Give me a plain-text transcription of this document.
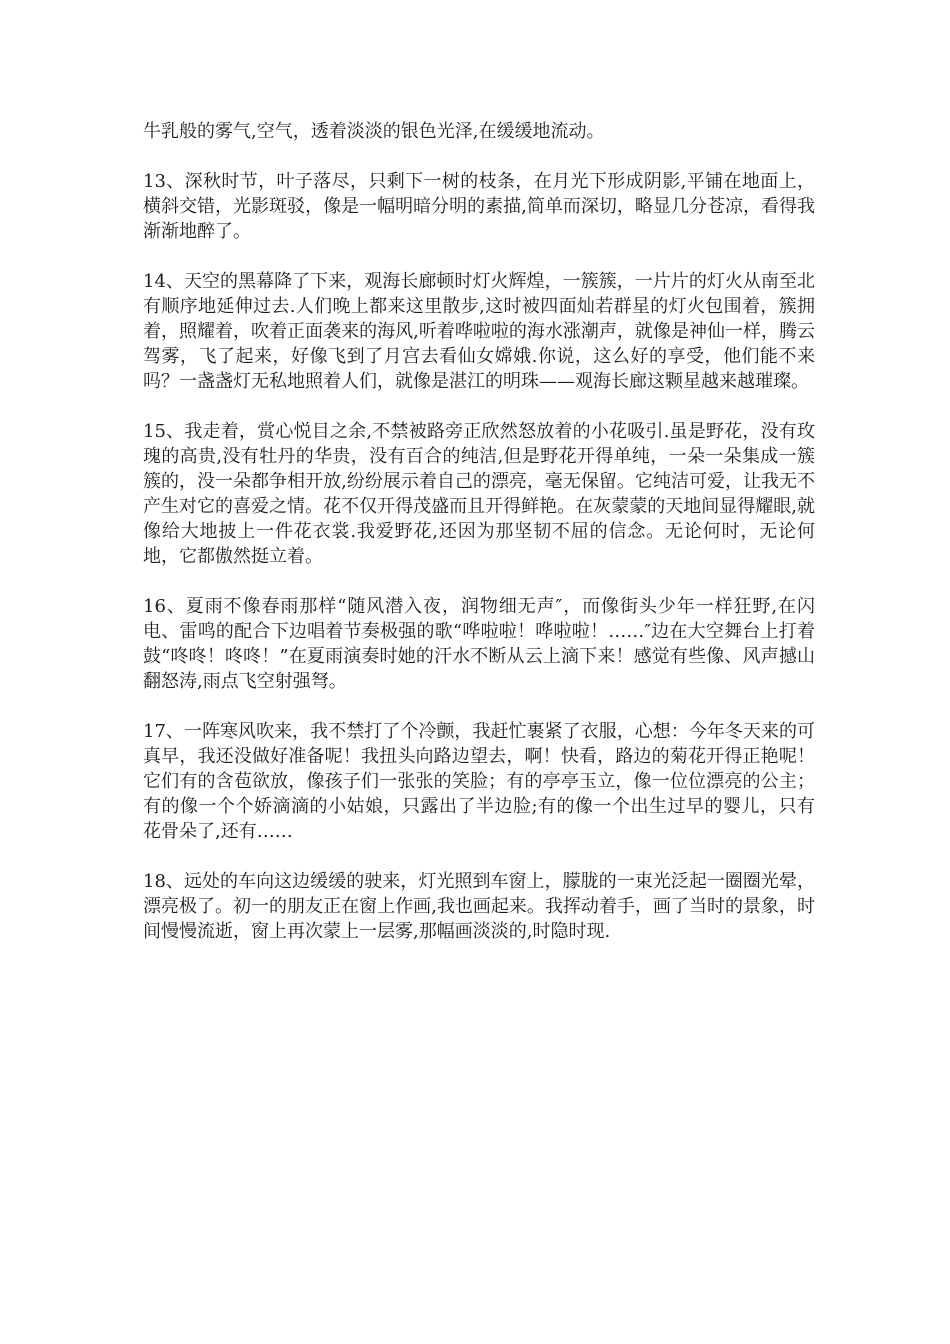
牛乳般的雾气,空气，透着淡淡的银色光泽,在缓缓地流动。

13、深秋时节，叶子落尽，只剩下一树的枝条，在月光下形成阴影,平铺在地面上，横斜交错，光影斑驳，像是一幅明暗分明的素描,简单而深切，略显几分苍凉，看得我渐渐地醉了。

14、天空的黑幕降了下来，观海长廊顿时灯火辉煌，一簇簇，一片片的灯火从南至北有顺序地延伸过去.人们晚上都来这里散步,这时被四面灿若群星的灯火包围着，簇拥着，照耀着，吹着正面袭来的海风,听着哗啦啦的海水涨潮声，就像是神仙一样，腾云驾雾，飞了起来，好像飞到了月宫去看仙女嫦娥.你说，这么好的享受，他们能不来吗？一盏盏灯无私地照着人们，就像是湛江的明珠——观海长廊这颗星越来越璀璨。

15、我走着，赏心悦目之余,不禁被路旁正欣然怒放着的小花吸引.虽是野花，没有玫瑰的高贵,没有牡丹的华贵，没有百合的纯洁,但是野花开得单纯，一朵一朵集成一簇簇的，没一朵都争相开放,纷纷展示着自己的漂亮，毫无保留。它纯洁可爱，让我无不产生对它的喜爱之情。花不仅开得茂盛而且开得鲜艳。在灰蒙蒙的天地间显得耀眼,就像给大地披上一件花衣裳.我爱野花,还因为那坚韧不屈的信念。无论何时，无论何地，它都傲然挺立着。

16、夏雨不像春雨那样“随风潜入夜，润物细无声″，而像街头少年一样狂野,在闪电、雷鸣的配合下边唱着节奏极强的歌“哗啦啦！哗啦啦！……″边在大空舞台上打着鼓“咚咚！咚咚！”在夏雨演奏时她的汗水不断从云上滴下来！感觉有些像、风声撼山翻怒涛,雨点飞空射强弩。

17、一阵寒风吹来，我不禁打了个冷颤，我赶忙裹紧了衣服，心想：今年冬天来的可真早，我还没做好准备呢！我扭头向路边望去，啊！快看，路边的菊花开得正艳呢！它们有的含苞欲放，像孩子们一张张的笑脸；有的亭亭玉立，像一位位漂亮的公主；有的像一个个娇滴滴的小姑娘，只露出了半边脸;有的像一个出生过早的婴儿，只有花骨朵了,还有……

18、远处的车向这边缓缓的驶来，灯光照到车窗上，朦胧的一束光泛起一圈圈光晕，漂亮极了。初一的朋友正在窗上作画,我也画起来。我挥动着手，画了当时的景象，时间慢慢流逝，窗上再次蒙上一层雾,那幅画淡淡的,时隐时现.
